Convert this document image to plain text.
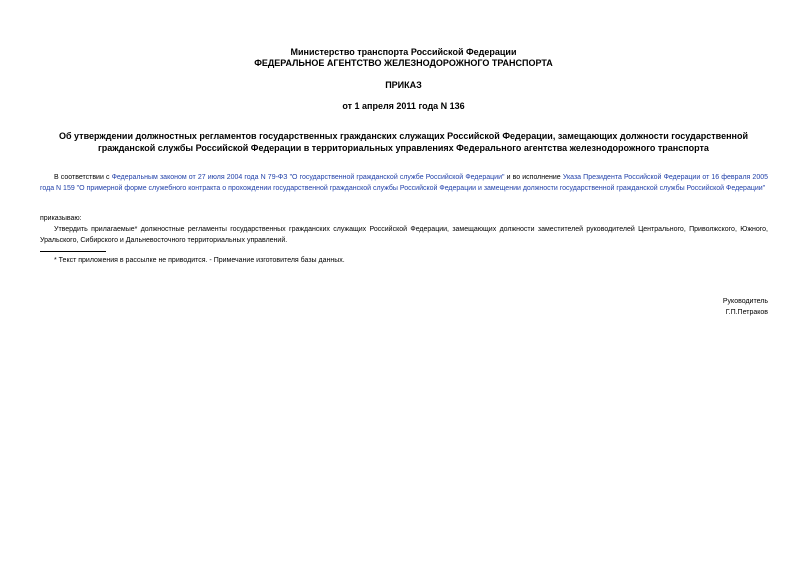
Министерство транспорта Российской Федерации
ФЕДЕРАЛЬНОЕ АГЕНТСТВО ЖЕЛЕЗНОДОРОЖНОГО ТРАНСПОРТА
ПРИКАЗ
от 1 апреля 2011 года N 136
Об утверждении должностных регламентов государственных гражданских служащих Российской Федерации, замещающих должности государственной гражданской службы Российской Федерации в территориальных управлениях Федерального агентства железнодорожного транспорта
В соответствии с Федеральным законом от 27 июля 2004 года N 79-ФЗ "О государственной гражданской службе Российской Федерации" и во исполнение Указа Президента Российской Федерации от 16 февраля 2005 года N 159 "О примерной форме служебного контракта о прохождении государственной гражданской службы Российской Федерации и замещении должности государственной гражданской службы Российской Федерации"
приказываю:
Утвердить прилагаемые* должностные регламенты государственных гражданских служащих Российской Федерации, замещающих должности заместителей руководителей Центрального, Приволжского, Южного, Уральского, Сибирского и Дальневосточного территориальных управлений.
* Текст приложения в рассылке не приводится. - Примечание изготовителя базы данных.
Руководитель
Г.П.Петраков
